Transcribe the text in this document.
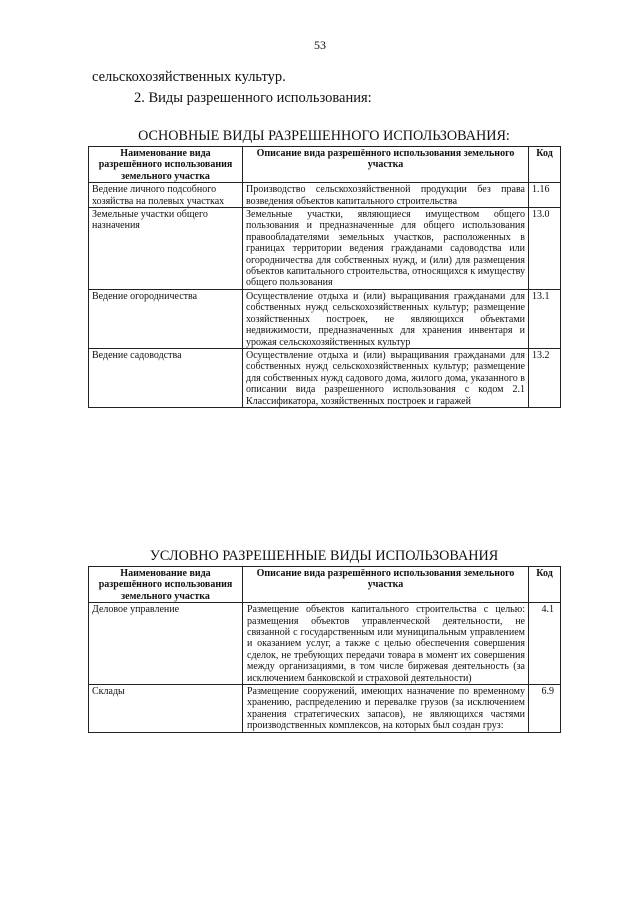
53
сельскохозяйственных культур.
2. Виды разрешенного использования:
ОСНОВНЫЕ ВИДЫ РАЗРЕШЕННОГО ИСПОЛЬЗОВАНИЯ:
Наименование вида разрешённого использования земельного участка	Описание вида разрешённого использования земельного участка	Код
Ведение личного подсобного хозяйства на полевых участках	Производство сельскохозяйственной продукции без права возведения объектов капитального строительства	1.16
Земельные участки общего назначения	Земельные участки, являющиеся имуществом общего пользования и предназначенные для общего использования правообладателями земельных участков, расположенных в границах территории ведения гражданами садоводства или огородничества для собственных нужд, и (или) для размещения объектов капитального строительства, относящихся к имуществу общего пользования	13.0
Ведение огородничества	Осуществление отдыха и (или) выращивания гражданами для собственных нужд сельскохозяйственных культур; размещение хозяйственных построек, не являющихся объектами недвижимости, предназначенных для хранения инвентаря и урожая сельскохозяйственных культур	13.1
Ведение садоводства	Осуществление отдыха и (или) выращивания гражданами для собственных нужд сельскохозяйственных культур; размещение для собственных нужд садового дома, жилого дома, указанного в описании вида разрешенного использования с кодом 2.1 Классификатора, хозяйственных построек и гаражей	13.2
УСЛОВНО РАЗРЕШЕННЫЕ ВИДЫ ИСПОЛЬЗОВАНИЯ
Наименование вида разрешённого использования земельного участка	Описание вида разрешённого использования земельного участка	Код
Деловое управление	Размещение объектов капитального строительства с целью: размещения объектов управленческой деятельности, не связанной с государственным или муниципальным управлением и оказанием услуг, а также с целью обеспечения совершения сделок, не требующих передачи товара в момент их совершения между организациями, в том числе биржевая деятельность (за исключением банковской и страховой деятельности)	4.1
Склады	Размещение сооружений, имеющих назначение по временному хранению, распределению и перевалке грузов (за исключением хранения стратегических запасов), не являющихся частями производственных комплексов, на которых был создан груз:	6.9
